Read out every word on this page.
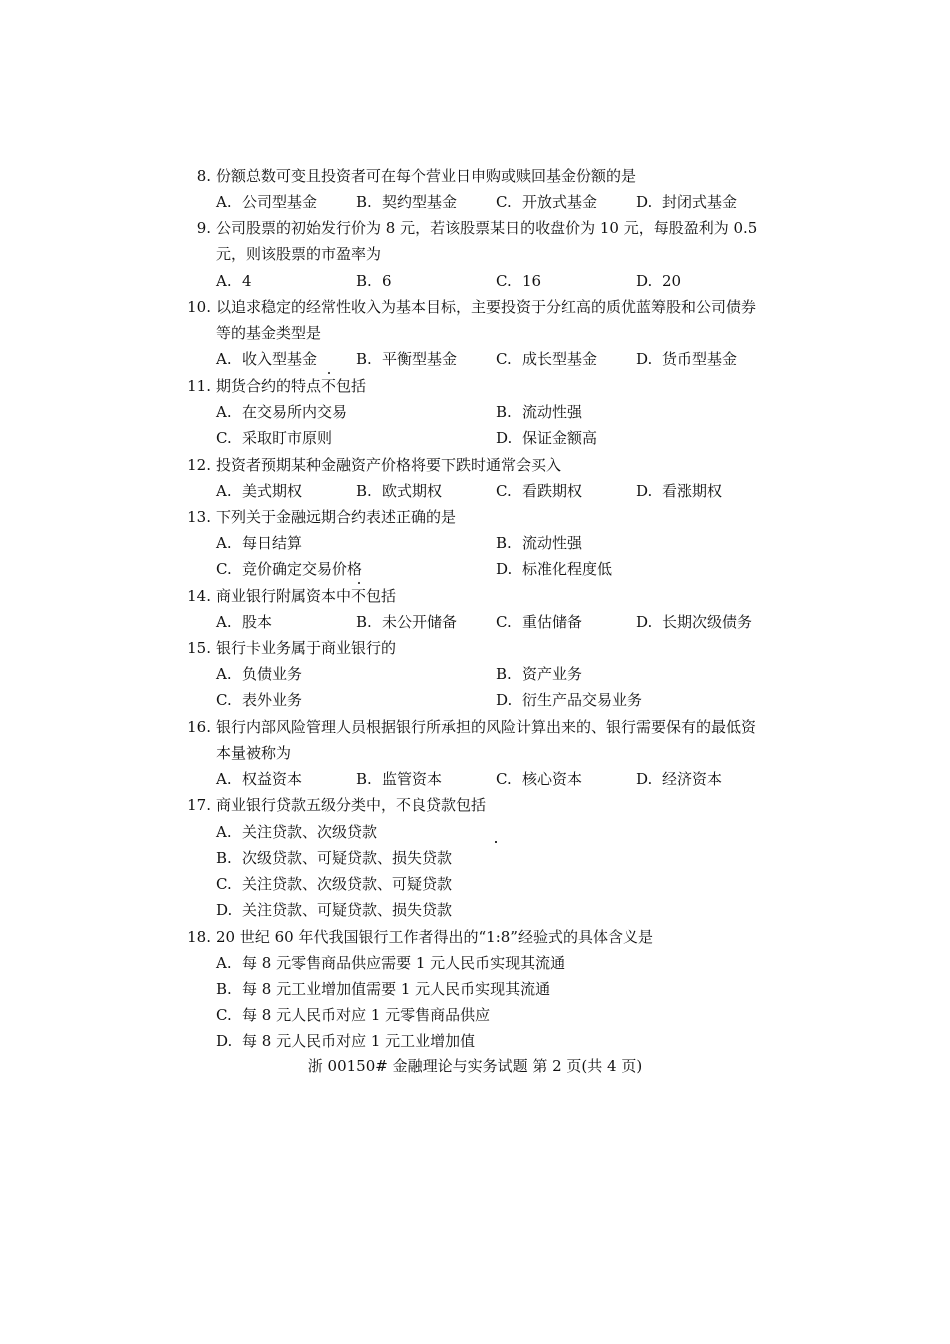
8. 份额总数可变且投资者可在每个营业日申购或赎回基金份额的是
A. 公司型基金	B. 契约型基金	C. 开放式基金	D. 封闭式基金
9. 公司股票的初始发行价为 8 元，若该股票某日的收盘价为 10 元，每股盈利为 0.5
元，则该股票的市盈率为
A. 4	B. 6	C. 16	D. 20
10. 以追求稳定的经常性收入为基本目标，主要投资于分红高的质优蓝筹股和公司债券
等的基金类型是
A. 收入型基金	B. 平衡型基金	C. 成长型基金	D. 货币型基金
11. 期货合约的特点不包括
A. 在交易所内交易	B. 流动性强
C. 采取盯市原则	D. 保证金额高
12. 投资者预期某种金融资产价格将要下跌时通常会买入
A. 美式期权	B. 欧式期权	C. 看跌期权	D. 看涨期权
13. 下列关于金融远期合约表述正确的是
A. 每日结算	B. 流动性强
C. 竞价确定交易价格	D. 标准化程度低
14. 商业银行附属资本中不包括
A. 股本	B. 未公开储备	C. 重估储备	D. 长期次级债务
15. 银行卡业务属于商业银行的
A. 负债业务	B. 资产业务
C. 表外业务	D. 衍生产品交易业务
16. 银行内部风险管理人员根据银行所承担的风险计算出来的、银行需要保有的最低资
本量被称为
A. 权益资本	B. 监管资本	C. 核心资本	D. 经济资本
17. 商业银行贷款五级分类中，不良贷款包括
A. 关注贷款、次级贷款
B. 次级贷款、可疑贷款、损失贷款
C. 关注贷款、次级贷款、可疑贷款
D. 关注贷款、可疑贷款、损失贷款
18. 20 世纪 60 年代我国银行工作者得出的“1:8”经验式的具体含义是
A. 每 8 元零售商品供应需要 1 元人民币实现其流通
B. 每 8 元工业增加值需要 1 元人民币实现其流通
C. 每 8 元人民币对应 1 元零售商品供应
D. 每 8 元人民币对应 1 元工业增加值
浙 00150# 金融理论与实务试题 第 2 页(共 4 页)
